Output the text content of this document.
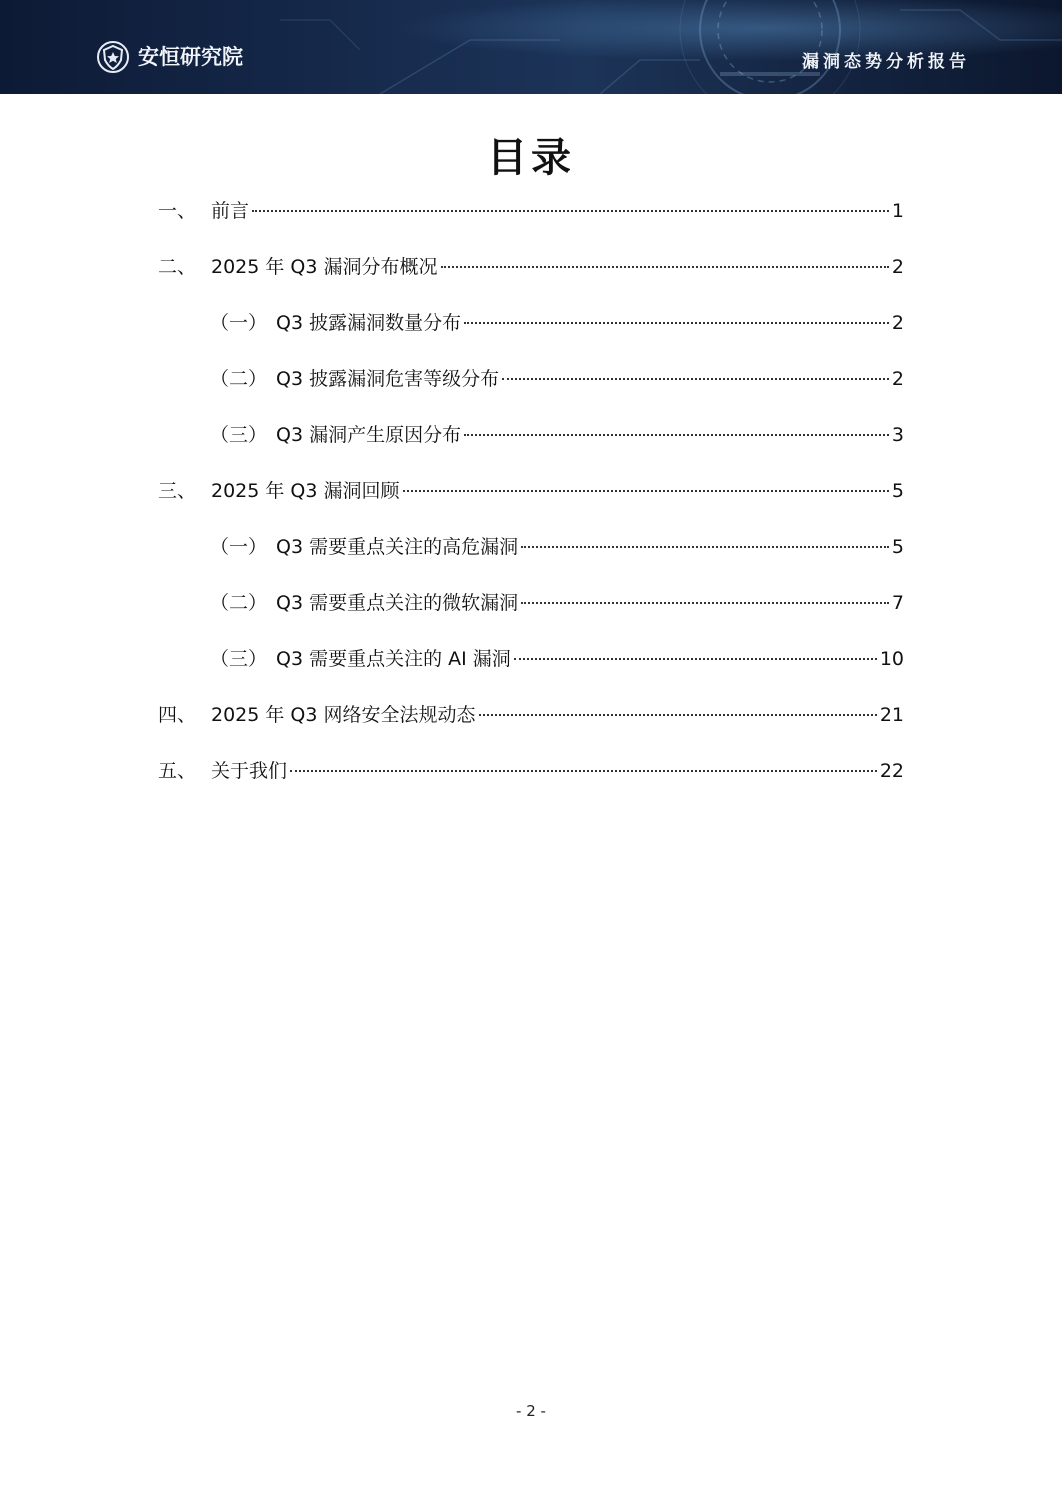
安恒研究院	漏洞态势分析报告
目录
一、 前言	1
二、 2025 年 Q3 漏洞分布概况	2
（一） Q3 披露漏洞数量分布	2
（二） Q3 披露漏洞危害等级分布	2
（三） Q3 漏洞产生原因分布	3
三、 2025 年 Q3 漏洞回顾	5
（一） Q3 需要重点关注的高危漏洞	5
（二） Q3 需要重点关注的微软漏洞	7
（三） Q3 需要重点关注的 AI 漏洞	10
四、 2025 年 Q3 网络安全法规动态	21
五、 关于我们	22
- 2 -
